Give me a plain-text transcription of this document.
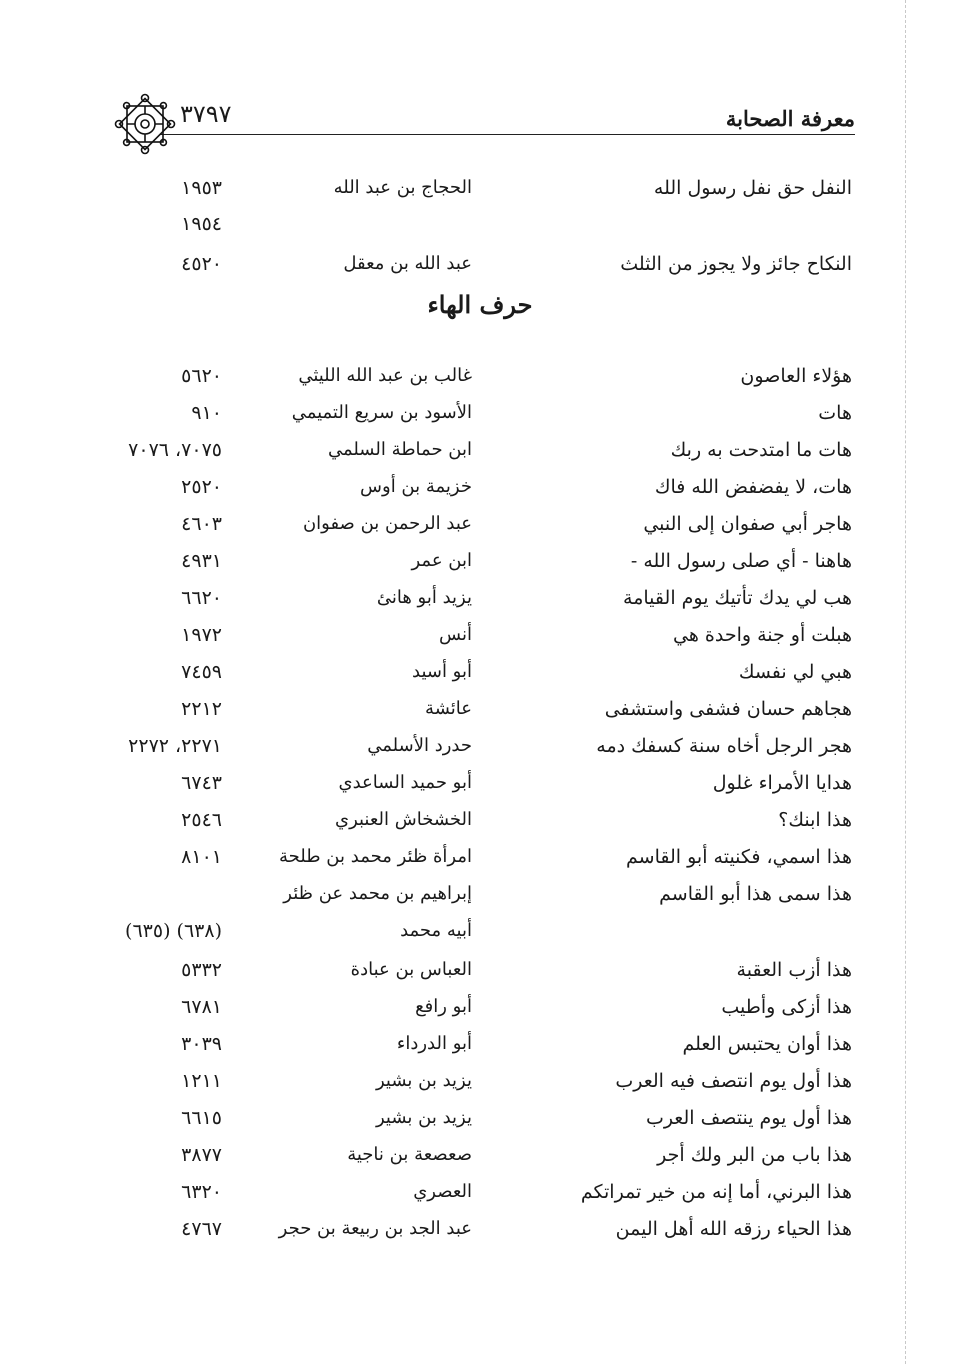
معرفة الصحابة
٣٧٩٧
النفل حق نفل رسول الله
الحجاج بن عبد الله
١٩٥٣
١٩٥٤
النكاح جائز ولا يجوز من الثلث
عبد الله بن معقل
٤٥٢٠
حرف الهاء
هؤلاء العاصون
غالب بن عبد الله الليثي
٥٦٢٠
هات
الأسود بن سريع التميمي
٩١٠
هات ما امتدحت به ربك
ابن حماطة السلمي
٧٠٧٥، ٧٠٧٦
هات، لا يفضفض الله فاك
خزيمة بن أوس
٢٥٢٠
هاجر أبي صفوان إلى النبي
عبد الرحمن بن صفوان
٤٦٠٣
هاهنا - أي صلى رسول الله -
ابن عمر
٤٩٣١
هب لي يدك تأتيك يوم القيامة
يزيد أبو هانئ
٦٦٢٠
هبلت أو جنة واحدة هي
أنس
١٩٧٢
هبي لي نفسك
أبو أسيد
٧٤٥٩
هجاهم حسان فشفى واستشفى
عائشة
٢٢١٢
هجر الرجل أخاه سنة كسفك دمه
حدرد الأسلمي
٢٢٧١، ٢٢٧٢
هدايا الأمراء غلول
أبو حميد الساعدي
٦٧٤٣
هذا ابنك؟
الخشخاش العنبري
٢٥٤٦
هذا اسمي، فكنيته أبو القاسم
امرأة ظئر محمد بن طلحة
٨١٠١
هذا سمى هذا أبو القاسم
إبراهيم بن محمد عن ظئر
أبيه محمد
(٦٣٨) (٦٣٥)
هذا أزب العقبة
العباس بن عبادة
٥٣٣٢
هذا أزكى وأطيب
أبو رافع
٦٧٨١
هذا أوان يحتبس العلم
أبو الدرداء
٣٠٣٩
هذا أول يوم انتصف فيه العرب
يزيد بن بشير
١٢١١
هذا أول يوم ينتصف العرب
يزيد بن بشير
٦٦١٥
هذا باب من البر ولك أجر
صعصعة بن ناجية
٣٨٧٧
هذا البرني، أما إنه من خير تمراتكم
العصري
٦٣٢٠
هذا الحياء رزقه الله أهل اليمن
عبد الجد بن ربيعة بن حجر
٤٧٦٧
